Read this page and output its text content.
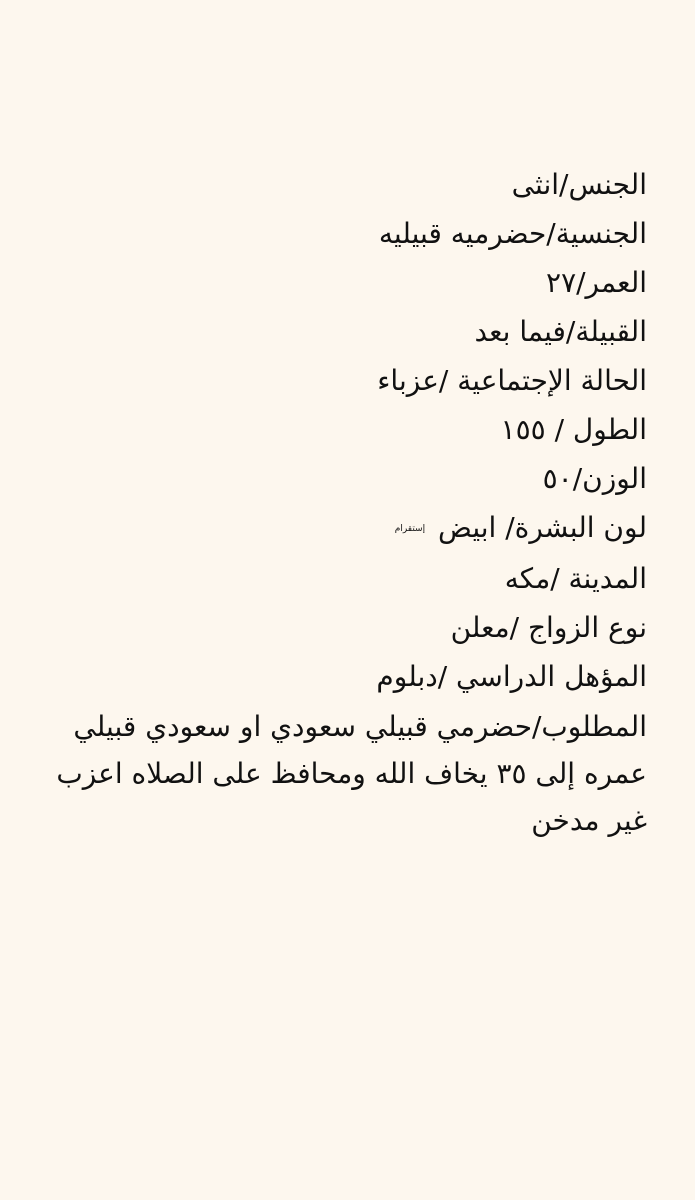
الجنس/انثى
الجنسية/حضرميه قبيليه
العمر/٢٧
القبيلة/فيما بعد
الحالة الإجتماعية /عزباء
الطول / ١٥٥
الوزن/٥٠
لون البشرة/ ابيض إستقرام
المدينة /مكه
نوع الزواج /معلن
المؤهل الدراسي /دبلوم
المطلوب/حضرمي قبيلي سعودي او سعودي قبيلي عمره إلى ٣٥ يخاف الله ومحافظ على الصلاه اعزب غير مدخن
